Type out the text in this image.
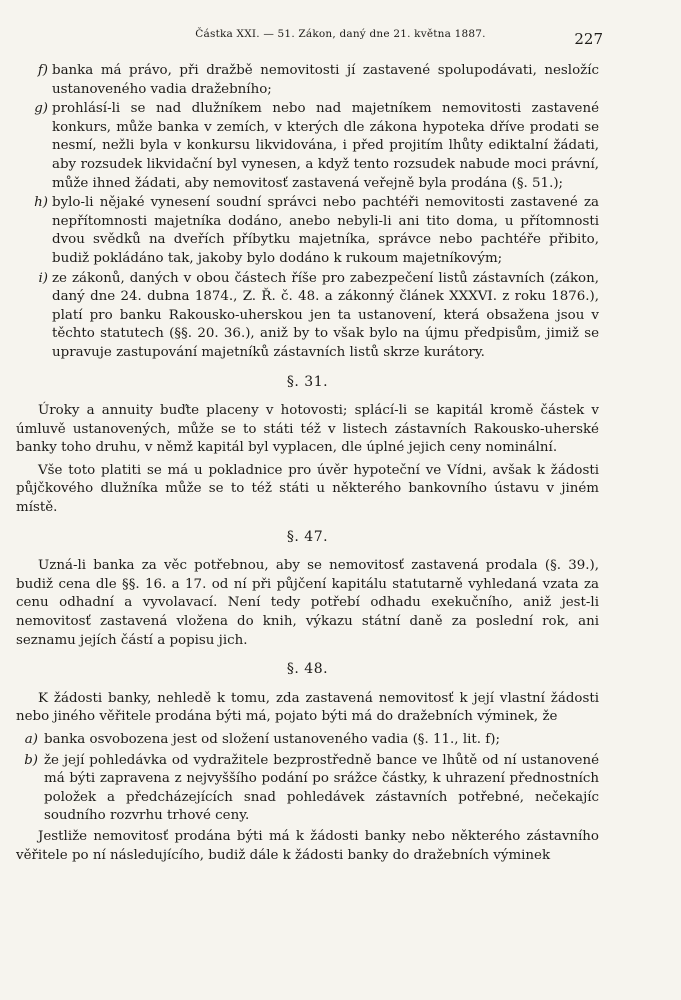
Částka XXI. — 51. Zákon, daný dne 21. května 1887.	227
f) banka má právo, při dražbě nemovitosti jí zastavené spolupodávati, nesložíc ustanoveného vadia dražebního;
g) prohlásí-li se nad dlužníkem nebo nad majetníkem nemovitosti zastavené konkurs, může banka v zemích, v kterých dle zákona hypoteka dříve prodati se nesmí, nežli byla v konkursu likvidována, i před projitím lhůty ediktalní žádati, aby rozsudek likvidační byl vynesen, a když tento rozsudek nabude moci právní, může ihned žádati, aby nemovitosť zastavená veřejně byla prodána (§. 51.);
h) bylo-li nějaké vynesení soudní správci nebo pachtéři nemovitosti zastavené za nepřítomnosti majetníka dodáno, anebo nebyli-li ani tito doma, u přítomnosti dvou svědků na dveřích příbytku majetníka, správce nebo pachtéře přibito, budiž pokládáno tak, jakoby bylo dodáno k rukoum majetníkovým;
i) ze zákonů, daných v obou částech říše pro zabezpečení listů zástavních (zákon, daný dne 24. dubna 1874., Z. Ř. č. 48. a zákonný článek XXXVI. z roku 1876.), platí pro banku Rakousko-uherskou jen ta ustanovení, která obsažena jsou v těchto statutech (§§. 20. 36.), aniž by to však bylo na újmu předpisům, jimiž se upravuje zastupování majetníků zástavních listů skrze kurátory.
§. 31.

Úroky a annuity buďte placeny v hotovosti; splácí-li se kapitál kromě částek v úmluvě ustanovených, může se to státi též v listech zástavních Rakousko-uherské banky toho druhu, v němž kapitál byl vyplacen, dle úplné jejich ceny nominální.

Vše toto platiti se má u pokladnice pro úvěr hypoteční ve Vídni, avšak k žádosti půjčkového dlužníka může se to též státi u některého bankovního ústavu v jiném místě.

§. 47.

Uzná-li banka za věc potřebnou, aby se nemovitosť zastavená prodala (§. 39.), budiž cena dle §§. 16. a 17. od ní při půjčení kapitálu statutarně vyhledaná vzata za cenu odhadní a vyvolavací. Není tedy potřebí odhadu exekučního, aniž jest-li nemovitosť zastavená vložena do knih, výkazu státní daně za poslední rok, ani seznamu jejích částí a popisu jich.

§. 48.

K žádosti banky, nehledě k tomu, zda zastavená nemovitosť k její vlastní žádosti nebo jiného věřitele prodána býti má, pojato býti má do dražebních výminek, že

a) banka osvobozena jest od složení ustanoveného vadia (§. 11., lit. f);
b) že její pohledávka od vydražitele bezprostředně bance ve lhůtě od ní ustanovené má býti zapravena z nejvyššího podání po srážce částky, k uhrazení přednostních položek a předcházejících snad pohledávek zástavních potřebné, nečekajíc soudního rozvrhu trhové ceny.

Jestliže nemovitosť prodána býti má k žádosti banky nebo některého zástavního věřitele po ní následujícího, budiž dále k žádosti banky do dražebních výminek
